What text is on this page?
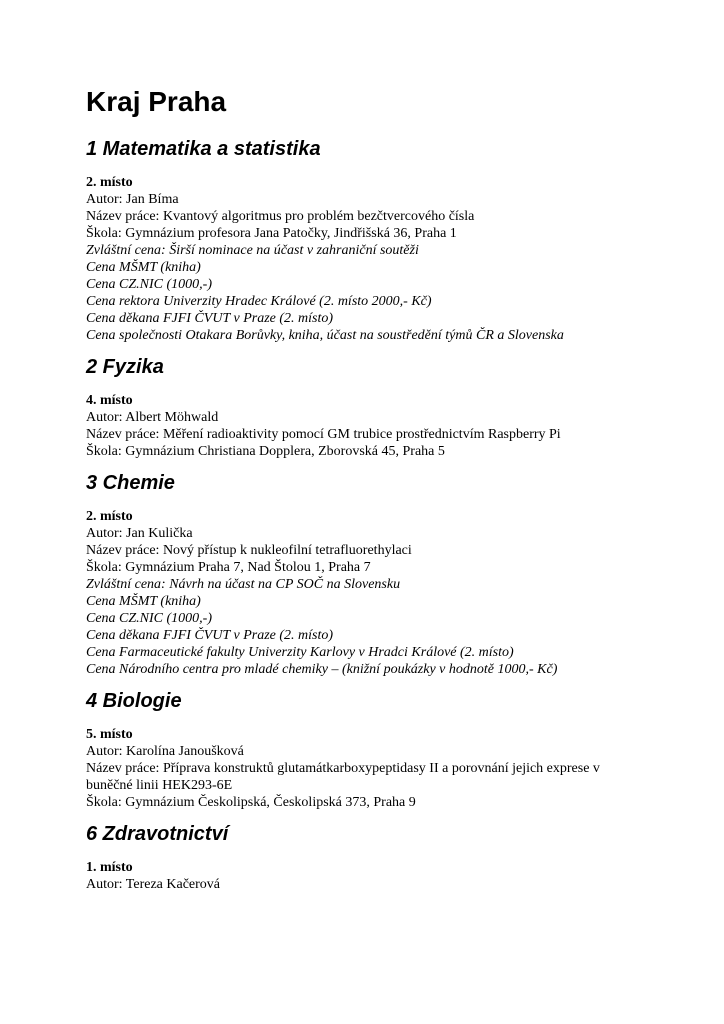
Kraj Praha
1 Matematika a statistika
2. místo
Autor: Jan Bíma
Název práce: Kvantový algoritmus pro problém bezčtvercového čísla
Škola: Gymnázium profesora Jana Patočky, Jindřišská 36, Praha 1
Zvláštní cena: Širší nominace na účast v zahraniční soutěži
Cena MŠMT (kniha)
Cena CZ.NIC (1000,-)
Cena rektora Univerzity Hradec Králové (2. místo 2000,- Kč)
Cena děkana FJFI ČVUT v Praze (2. místo)
Cena společnosti Otakara Borůvky, kniha, účast na soustředění týmů ČR a Slovenska
2 Fyzika
4. místo
Autor: Albert Möhwald
Název práce: Měření radioaktivity pomocí GM trubice prostřednictvím Raspberry Pi
Škola: Gymnázium Christiana Dopplera, Zborovská 45, Praha 5
3 Chemie
2. místo
Autor: Jan Kulička
Název práce: Nový přístup k nukleofilní tetrafluorethylaci
Škola: Gymnázium Praha 7, Nad Štolou 1, Praha 7
Zvláštní cena: Návrh na účast na CP SOČ na Slovensku
Cena MŠMT (kniha)
Cena CZ.NIC (1000,-)
Cena děkana FJFI ČVUT v Praze (2. místo)
Cena Farmaceutické fakulty Univerzity Karlovy v Hradci Králové (2. místo)
Cena Národního centra pro mladé chemiky – (knižní poukázky v hodnotě 1000,- Kč)
4 Biologie
5. místo
Autor: Karolína Janoušková
Název práce: Příprava konstruktů glutamátkarboxypeptidasy II a porovnání jejich exprese v buněčné linii HEK293-6E
Škola: Gymnázium Českolipská, Českolipská 373, Praha 9
6 Zdravotnictví
1. místo
Autor: Tereza Kačerová
